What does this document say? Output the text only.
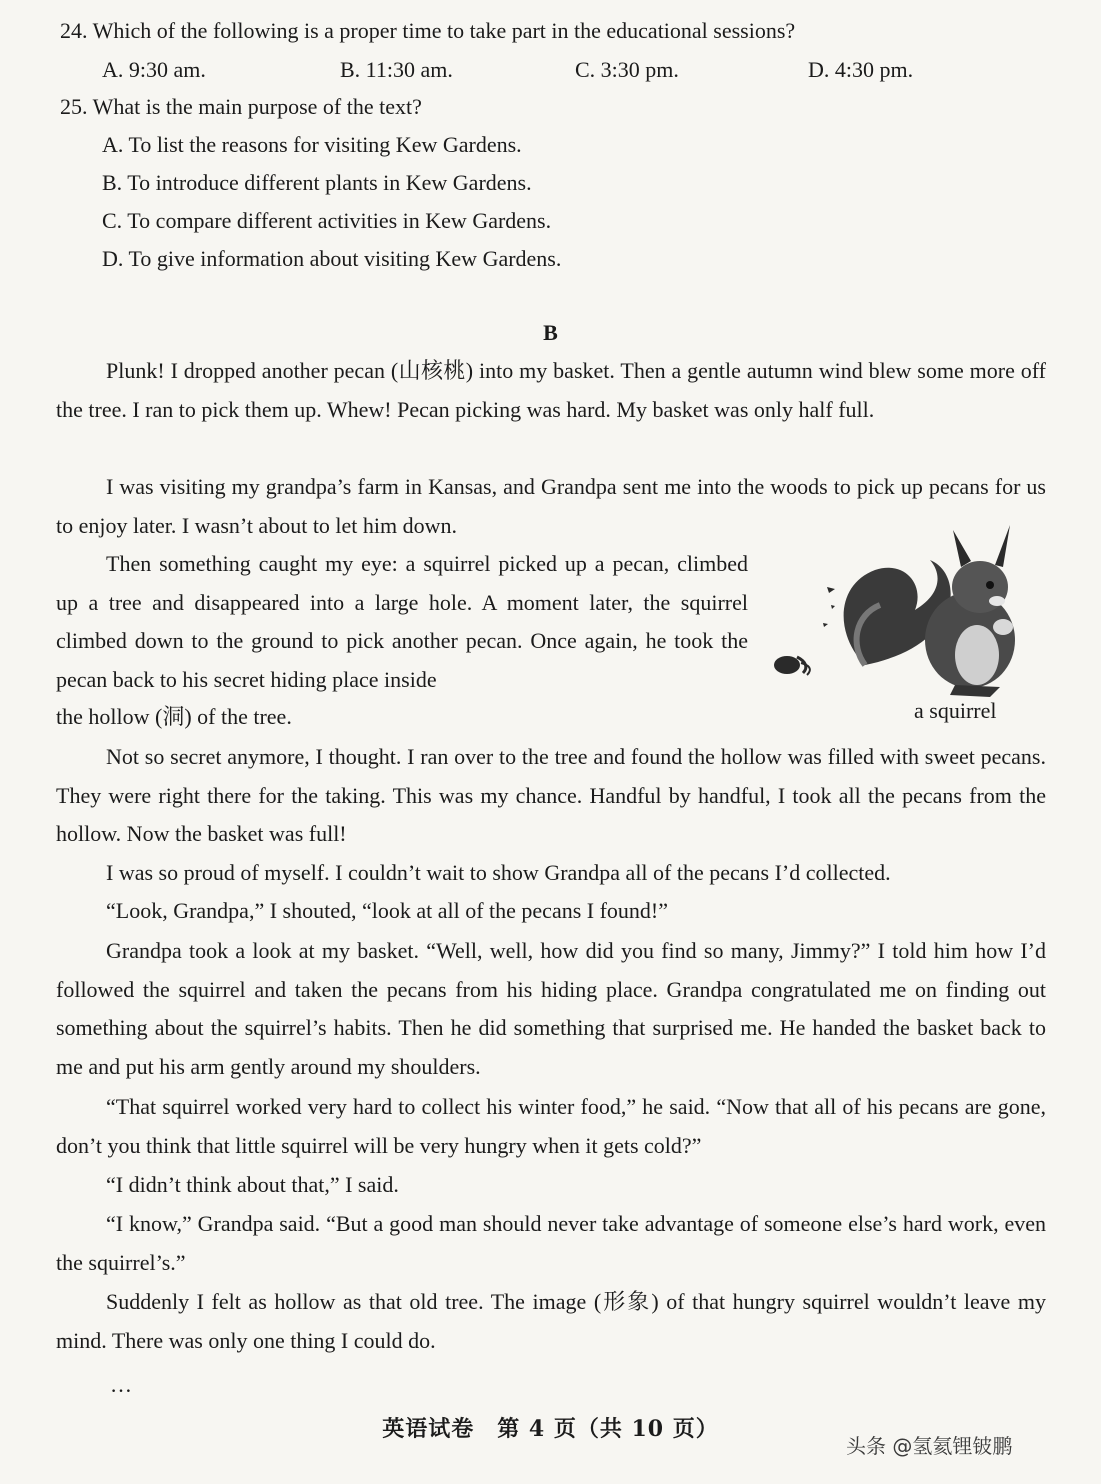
24. Which of the following is a proper time to take part in the educational sessions?
A. 9:30 am.	B. 11:30 am.	C. 3:30 pm.	D. 4:30 pm.
25. What is the main purpose of the text?
A. To list the reasons for visiting Kew Gardens.
B. To introduce different plants in Kew Gardens.
C. To compare different activities in Kew Gardens.
D. To give information about visiting Kew Gardens.
B

Plunk! I dropped another pecan (山核桃) into my basket. Then a gentle autumn wind blew some more off the tree. I ran to pick them up. Whew! Pecan picking was hard. My basket was only half full.

I was visiting my grandpa’s farm in Kansas, and Grandpa sent me into the woods to pick up pecans for us to enjoy later. I wasn’t about to let him down.

Then something caught my eye: a squirrel picked up a pecan, climbed up a tree and disappeared into a large hole. A moment later, the squirrel climbed down to the ground to pick another pecan. Once again, he took the pecan back to his secret hiding place inside

the hollow (洞) of the tree.	a squirrel

Not so secret anymore, I thought. I ran over to the tree and found the hollow was filled with sweet pecans. They were right there for the taking. This was my chance. Handful by handful, I took all the pecans from the hollow. Now the basket was full!

I was so proud of myself. I couldn’t wait to show Grandpa all of the pecans I’d collected.

“Look, Grandpa,” I shouted, “look at all of the pecans I found!”

Grandpa took a look at my basket. “Well, well, how did you find so many, Jimmy?” I told him how I’d followed the squirrel and taken the pecans from his hiding place. Grandpa congratulated me on finding out something about the squirrel’s habits. Then he did something that surprised me. He handed the basket back to me and put his arm gently around my shoulders.

“That squirrel worked very hard to collect his winter food,” he said. “Now that all of his pecans are gone, don’t you think that little squirrel will be very hungry when it gets cold?”

“I didn’t think about that,” I said.

“I know,” Grandpa said. “But a good man should never take advantage of someone else’s hard work, even the squirrel’s.”

Suddenly I felt as hollow as that old tree. The image (形象) of that hungry squirrel wouldn’t leave my mind. There was only one thing I could do.

…
英语试卷　第 4 页（共 10 页）
头条 @氢氦锂铍鹏
